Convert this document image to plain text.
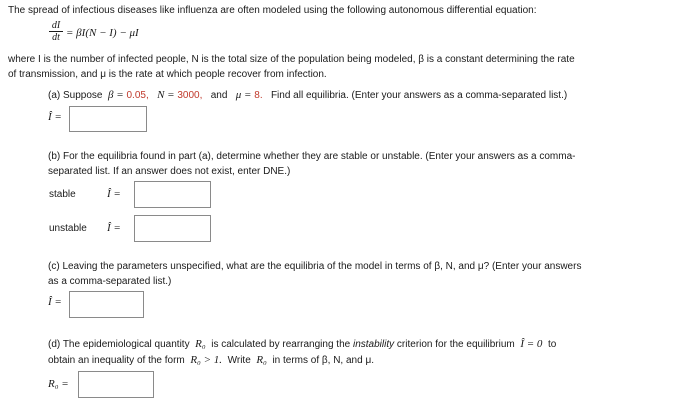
The spread of infectious diseases like influenza are often modeled using the following autonomous differential equation:
dI
dt = βI(N − I) − μI
where I is the number of infected people, N is the total size of the population being modeled, β is a constant determining the rate
of transmission, and μ is the rate at which people recover from infection.
(a) Suppose β = 0.05, N = 3000, and μ = 8. Find all equilibria. (Enter your answers as a comma-separated list.)
Î =
(b) For the equilibria found in part (a), determine whether they are stable or unstable. (Enter your answers as a comma-
separated list. If an answer does not exist, enter DNE.)
stable	Î =
unstable Î =
(c) Leaving the parameters unspecified, what are the equilibria of the model in terms of β, N, and μ? (Enter your answers
as a comma-separated list.)
Î =
(d) The epidemiological quantity R₀ is calculated by rearranging the instability criterion for the equilibrium Î = 0 to
obtain an inequality of the form R₀ > 1. Write R₀ in terms of β, N, and μ.
R₀ =
